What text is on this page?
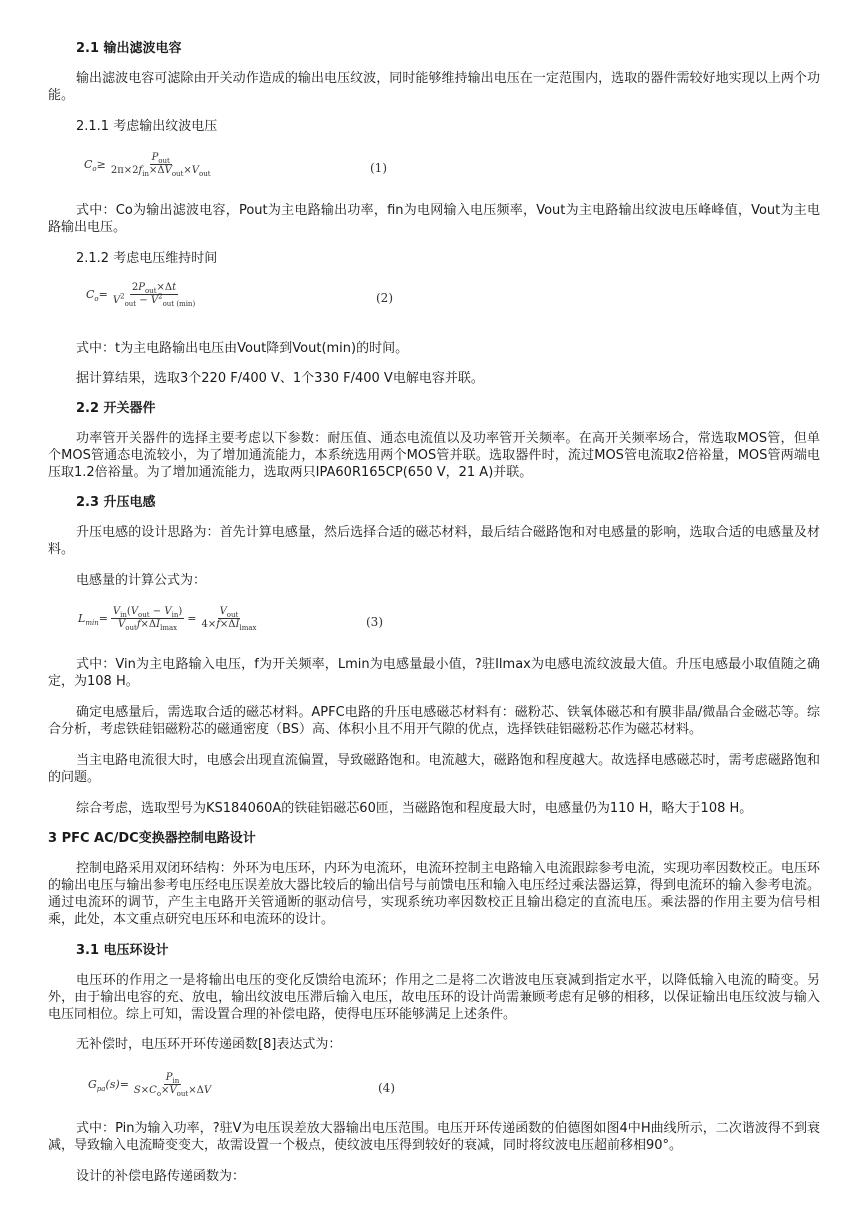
2.1 输出滤波电容
输出滤波电容可滤除由开关动作造成的输出电压纹波，同时能够维持输出电压在一定范围内，选取的器件需较好地实现以上两个功能。
2.1.1 考虑输出纹波电压
$C_o\ge \frac{P_{out}}{2\pi\times 2f_{in}\times\Delta V_{out}\times V_{out}}$	(1)
式中：Co为输出滤波电容，Pout为主电路输出功率，fin为电网输入电压频率，Vout为主电路输出纹波电压峰峰值，Vout为主电路输出电压。
2.1.2 考虑电压维持时间
$C_o= \frac{2P_{out}\times\Delta t}{V^2_{out} - V^2_{out (min)}}$	(2)
式中：t为主电路输出电压由Vout降到Vout(min)的时间。
据计算结果，选取3个220 F/400 V、1个330 F/400 V电解电容并联。
2.2 开关器件
功率管开关器件的选择主要考虑以下参数：耐压值、通态电流值以及功率管开关频率。在高开关频率场合，常选取MOS管，但单个MOS管通态电流较小，为了增加通流能力，本系统选用两个MOS管并联。选取器件时，流过MOS管电流取2倍裕量，MOS管两端电压取1.2倍裕量。为了增加通流能力，选取两只IPA60R165CP(650 V，21 A)并联。
2.3 升压电感
升压电感的设计思路为：首先计算电感量，然后选择合适的磁芯材料，最后结合磁路饱和对电感量的影响，选取合适的电感量及材料。
电感量的计算公式为：
$L_{min}= \frac{V_{in}(V_{out} - V_{in})}{V_{out}f\times\Delta I_{lmax}} = \frac{V_{out}}{4\times f\times\Delta I_{lmax}}$	(3)
式中：Vin为主电路输入电压，f为开关频率，Lmin为电感量最小值，?驻Ilmax为电感电流纹波最大值。升压电感最小取值随之确定，为108 H。
确定电感量后，需选取合适的磁芯材料。APFC电路的升压电感磁芯材料有：磁粉芯、铁氧体磁芯和有膜非晶/微晶合金磁芯等。综合分析，考虑铁硅铝磁粉芯的磁通密度（BS）高、体积小且不用开气隙的优点，选择铁硅铝磁粉芯作为磁芯材料。
当主电路电流很大时，电感会出现直流偏置，导致磁路饱和。电流越大，磁路饱和程度越大。故选择电感磁芯时，需考虑磁路饱和的问题。
综合考虑，选取型号为KS184060A的铁硅铝磁芯60匝，当磁路饱和程度最大时，电感量仍为110 H，略大于108 H。
3 PFC AC/DC变换器控制电路设计
控制电路采用双闭环结构：外环为电压环，内环为电流环，电流环控制主电路输入电流跟踪参考电流，实现功率因数校正。电压环的输出电压与输出参考电压经电压误差放大器比较后的输出信号与前馈电压和输入电压经过乘法器运算，得到电流环的输入参考电流。通过电流环的调节，产生主电路开关管通断的驱动信号，实现系统功率因数校正且输出稳定的直流电压。乘法器的作用主要为信号相乘，此处，本文重点研究电压环和电流环的设计。
3.1 电压环设计
电压环的作用之一是将输出电压的变化反馈给电流环；作用之二是将二次谐波电压衰减到指定水平，以降低输入电流的畸变。另外，由于输出电容的充、放电，输出纹波电压滞后输入电压，故电压环的设计尚需兼顾考虑有足够的相移，以保证输出电压纹波与输入电压同相位。综上可知，需设置合理的补偿电路，使得电压环能够满足上述条件。
无补偿时，电压环开环传递函数[8]表达式为：
$G_{pa}(s)= \frac{P_{in}}{S\times C_o\times V_{out}\times\Delta V}$	(4)
式中：Pin为输入功率，?驻V为电压误差放大器输出电压范围。电压开环传递函数的伯德图如图4中H曲线所示，二次谐波得不到衰减，导致输入电流畸变变大，故需设置一个极点，使纹波电压得到较好的衰减，同时将纹波电压超前移相90°。
设计的补偿电路传递函数为：
